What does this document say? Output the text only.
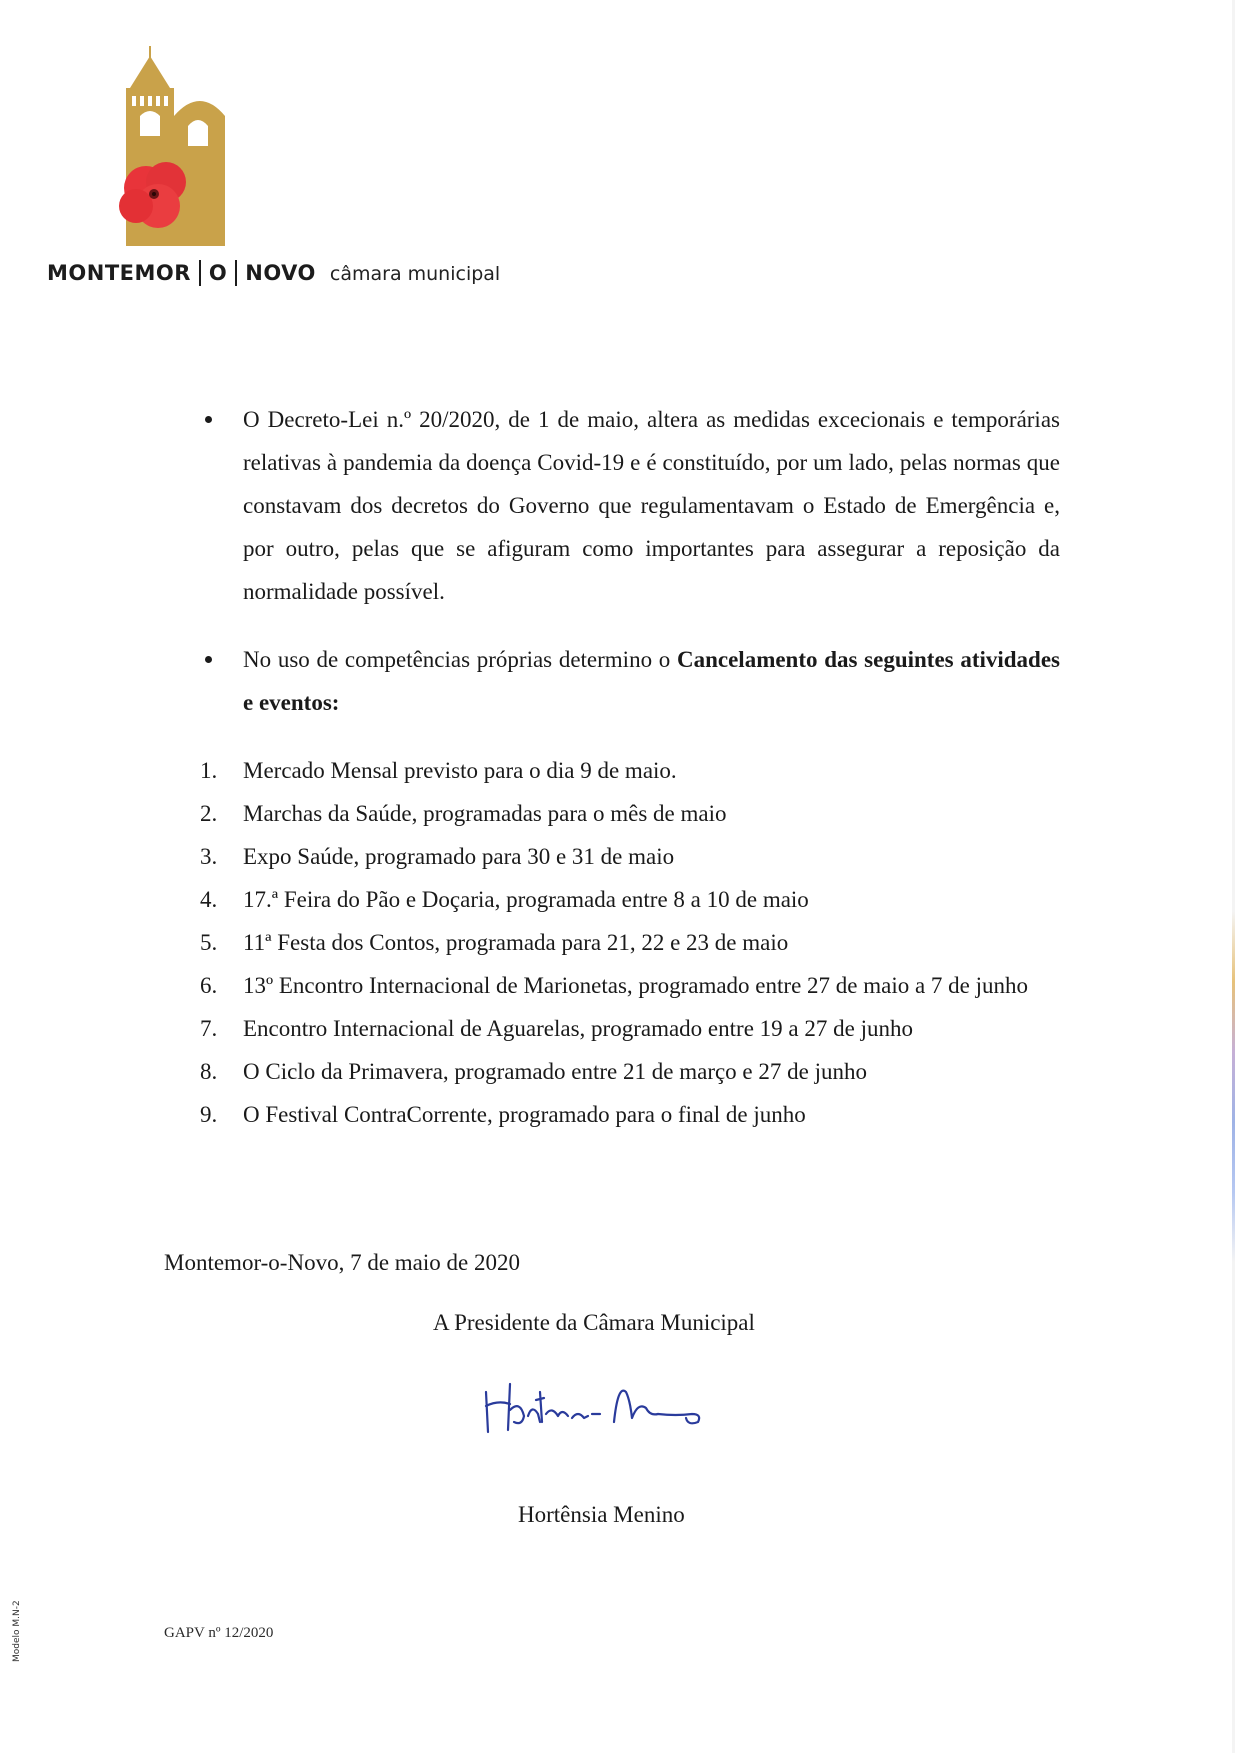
MONTEMOR O NOVO câmara municipal
O Decreto-Lei n.º 20/2020, de 1 de maio, altera as medidas excecionais e temporárias relativas à pandemia da doença Covid-19 e é constituído, por um lado, pelas normas que constavam dos decretos do Governo que regulamentavam o Estado de Emergência e, por outro, pelas que se afiguram como importantes para assegurar a reposição da normalidade possível.
No uso de competências próprias determino o Cancelamento das seguintes atividades e eventos:
1. Mercado Mensal previsto para o dia 9 de maio.
2. Marchas da Saúde, programadas para o mês de maio
3. Expo Saúde, programado para 30 e 31 de maio
4. 17.ª Feira do Pão e Doçaria, programada entre 8 a 10 de maio
5. 11ª Festa dos Contos, programada para 21, 22 e 23 de maio
6. 13º Encontro Internacional de Marionetas, programado entre 27 de maio a 7 de junho
7. Encontro Internacional de Aguarelas, programado entre 19 a 27 de junho
8. O Ciclo da Primavera, programado entre 21 de março e 27 de junho
9. O Festival ContraCorrente, programado para o final de junho
Montemor-o-Novo, 7 de maio de 2020
A Presidente da Câmara Municipal
Hortênsia Menino
Modelo M.N-2	GAPV nº 12/2020
